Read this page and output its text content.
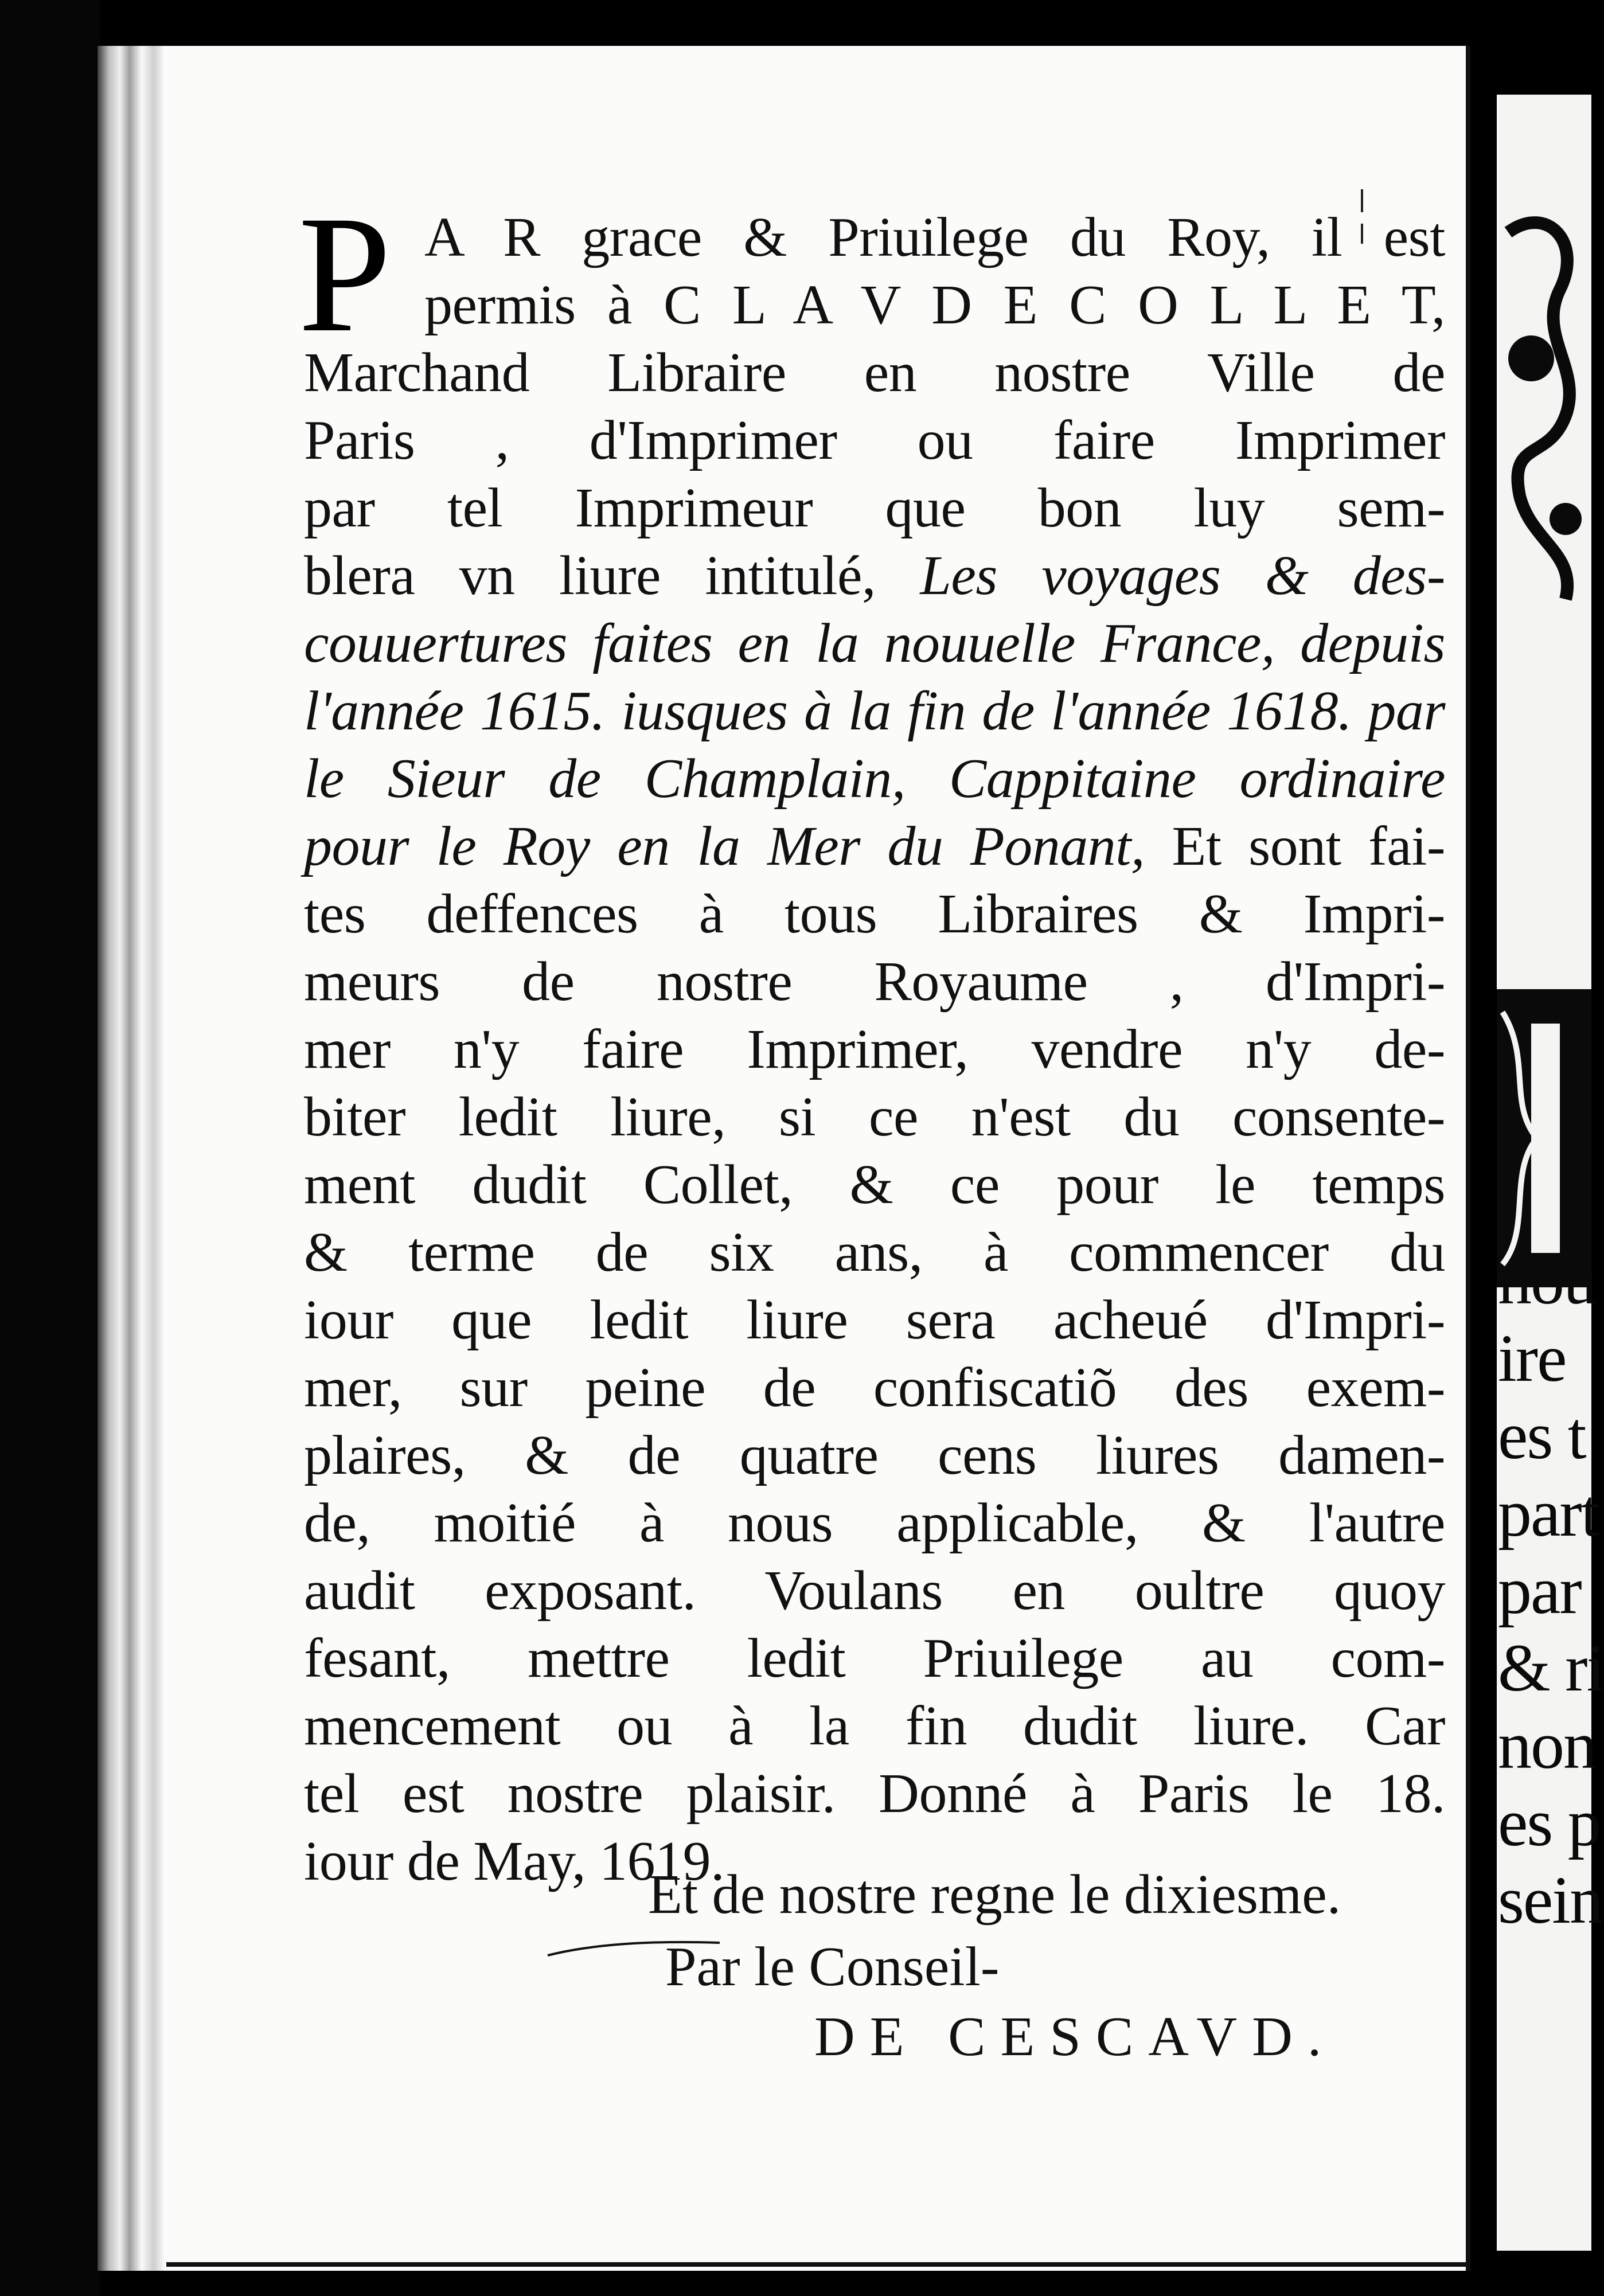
P A R grace & Priuilege du Roy, il est
permis à C L A V D E C O L L E T,
Marchand Libraire en nostre Ville de
Paris , d'Imprimer ou faire Imprimer
par tel Imprimeur que bon luy sem-
blera vn liure intitulé, Les voyages & des-
couuertures faites en la nouuelle France, depuis
l'année 1615. iusques à la fin de l'année 1618. par
le Sieur de Champlain, Cappitaine ordinaire
pour le Roy en la Mer du Ponant, Et sont fai-
tes deffences à tous Libraires & Impri-
meurs de nostre Royaume , d'Impri-
mer n'y faire Imprimer, vendre n'y de-
biter ledit liure, si ce n'est du consente-
ment dudit Collet, & ce pour le temps
& terme de six ans, à commencer du
iour que ledit liure sera acheué d'Impri-
mer, sur peine de confiscatiõ des exem-
plaires, & de quatre cens liures damen-
de, moitié à nous applicable, & l'autre
audit exposant. Voulans en oultre quoy
fesant, mettre ledit Priuilege au com-
mencement ou à la fin dudit liure. Car
tel est nostre plaisir. Donné à Paris le 18.
iour de May, 1619.
Et de nostre regne le dixiesme.
Par le Conseil-
DE CESCAVD.
nou
ire
es t
part
par
& ri
non
es p
sein
